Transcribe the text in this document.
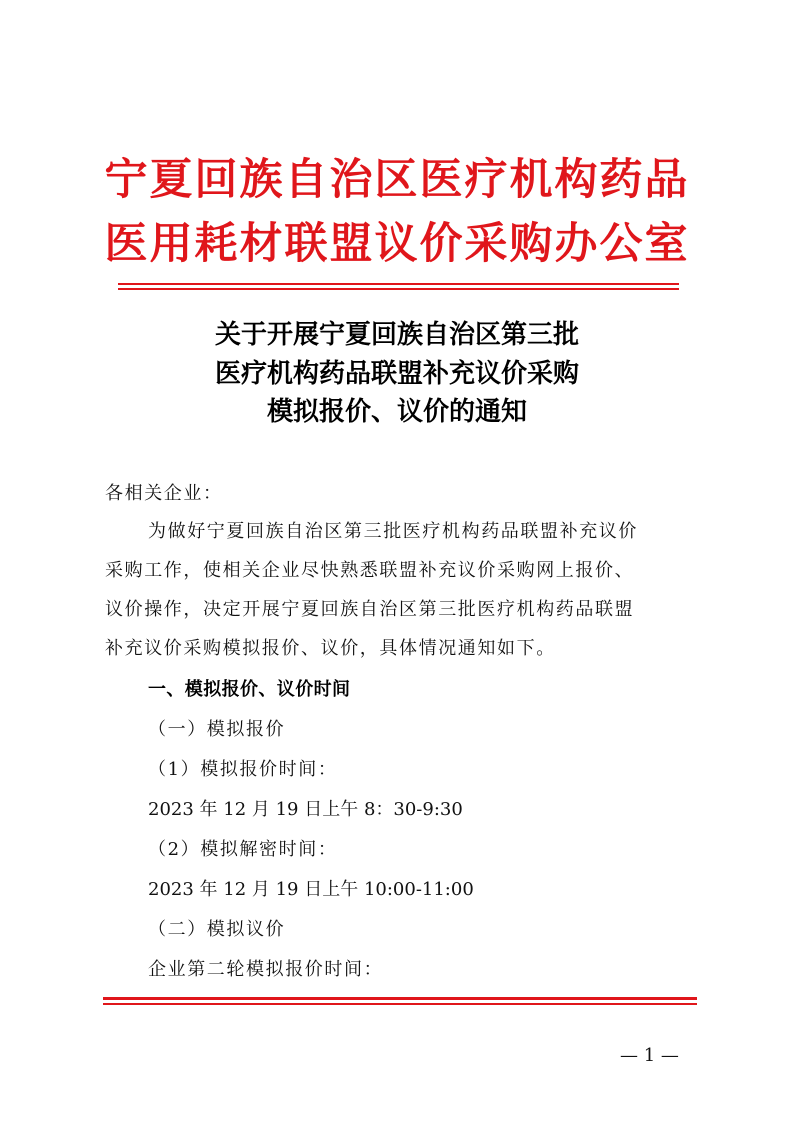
宁夏回族自治区医疗机构药品
医用耗材联盟议价采购办公室
关于开展宁夏回族自治区第三批
医疗机构药品联盟补充议价采购
模拟报价、议价的通知
各相关企业：
为做好宁夏回族自治区第三批医疗机构药品联盟补充议价
采购工作，使相关企业尽快熟悉联盟补充议价采购网上报价、
议价操作，决定开展宁夏回族自治区第三批医疗机构药品联盟
补充议价采购模拟报价、议价，具体情况通知如下。
一、模拟报价、议价时间
（一）模拟报价
（1）模拟报价时间：
2023 年 12 月 19 日上午 8：30-9:30
（2）模拟解密时间：
2023 年 12 月 19 日上午 10:00-11:00
（二）模拟议价
企业第二轮模拟报价时间：
— 1 —
